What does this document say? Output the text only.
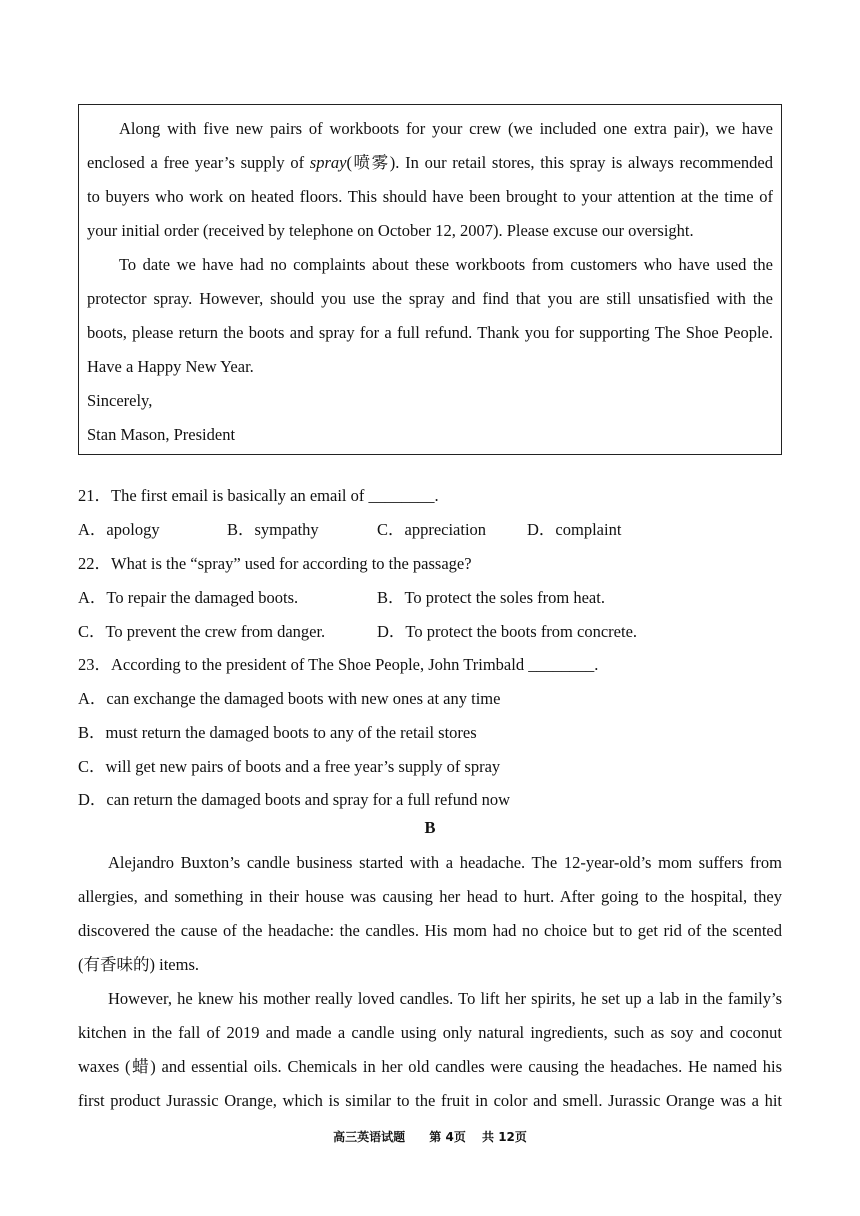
Along with five new pairs of workboots for your crew (we included one extra pair), we have
enclosed a free year’s supply of spray(喷雾). In our retail stores, this spray is always recommended
to buyers who work on heated floors. This should have been brought to your attention at the time of
your initial order (received by telephone on October 12, 2007). Please excuse our oversight.
To date we have had no complaints about these workboots from customers who have used the
protector spray. However, should you use the spray and find that you are still unsatisfied with the
boots, please return the boots and spray for a full refund. Thank you for supporting The Shoe People.
Have a Happy New Year.
Sincerely,
Stan Mason, President
21．The first email is basically an email of ________.
A．apology	B．sympathy	C．appreciation D．complaint
22．What is the “spray” used for according to the passage?
A．To repair the damaged boots.	B．To protect the soles from heat.
C．To prevent the crew from danger.	D．To protect the boots from concrete.
23．According to the president of The Shoe People, John Trimbald ________.
A．can exchange the damaged boots with new ones at any time
B．must return the damaged boots to any of the retail stores
C．will get new pairs of boots and a free year’s supply of spray
D．can return the damaged boots and spray for a full refund now
B
Alejandro Buxton’s candle business started with a headache. The 12-year-old’s mom suffers from
allergies, and something in their house was causing her head to hurt. After going to the hospital, they
discovered the cause of the headache: the candles. His mom had no choice but to get rid of the scented
(有香味的) items.
However, he knew his mother really loved candles. To lift her spirits, he set up a lab in the family’s
kitchen in the fall of 2019 and made a candle using only natural ingredients, such as soy and coconut
waxes (蜡) and essential oils. Chemicals in her old candles were causing the headaches. He named his
first product Jurassic Orange, which is similar to the fruit in color and smell. Jurassic Orange was a hit
高三英语试题 第 4页 共 12页
